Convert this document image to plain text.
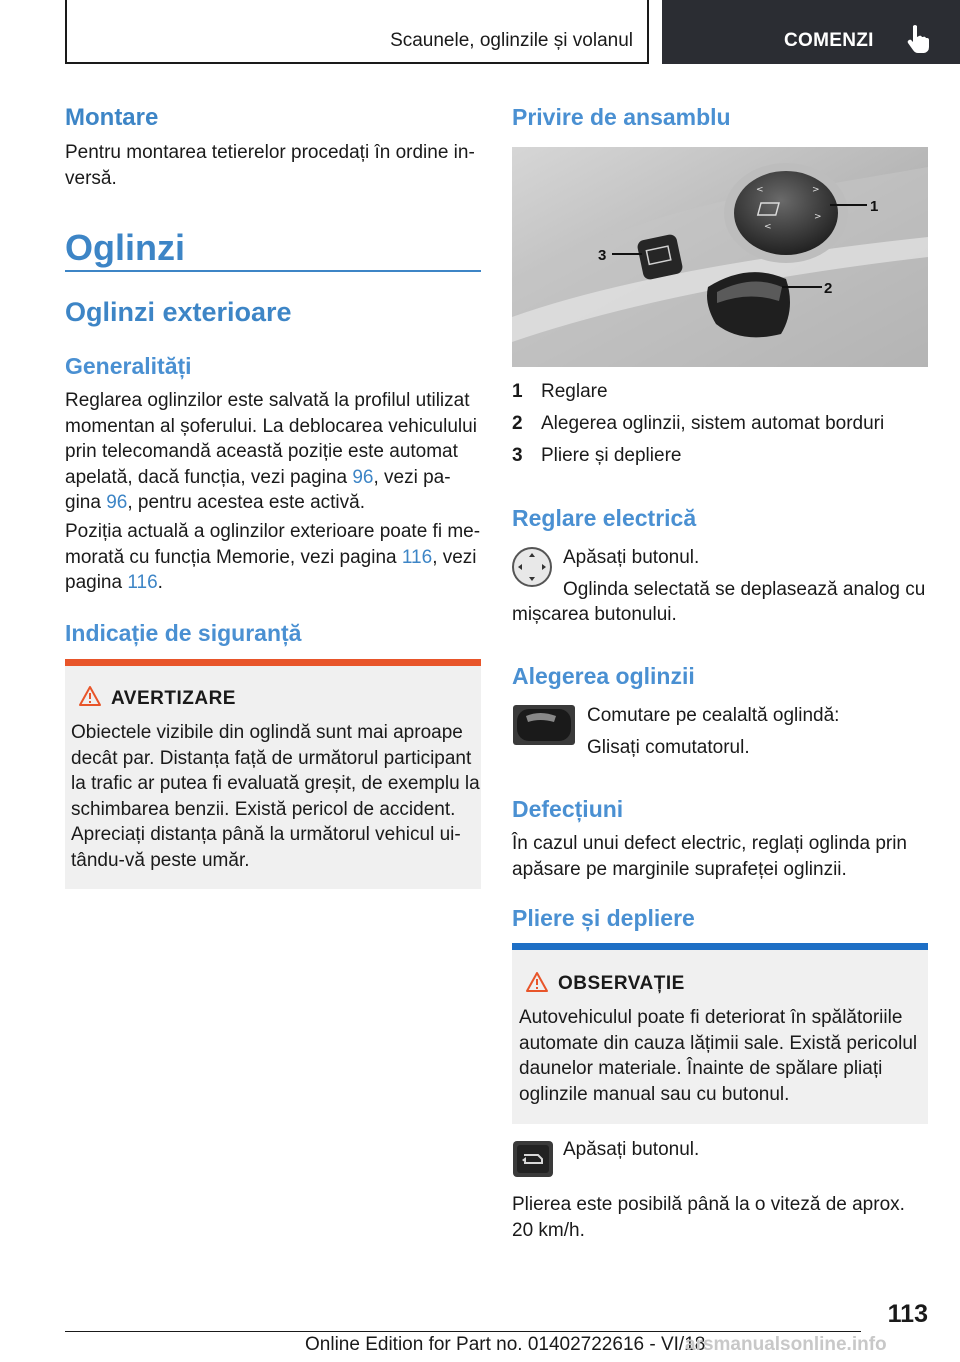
Scaunele, oglinzile și volanul	COMENZI
Montare
Pentru montarea tetierelor procedați în ordine in-
versă.
Oglinzi
Oglinzi exterioare
Generalități
Reglarea oglinzilor este salvată la profilul utilizat
momentan al șoferului. La deblocarea vehiculului
prin telecomandă această poziție este automat
apelată, dacă funcția, vezi pagina 96, vezi pa-
gina 96, pentru acestea este activă.
Poziția actuală a oglinzilor exterioare poate fi me-
morată cu funcția Memorie, vezi pagina 116, vezi
pagina 116.
Indicație de siguranță
AVERTIZARE
Obiectele vizibile din oglindă sunt mai aproape
decât par. Distanța față de următorul participant
la trafic ar putea fi evaluată greșit, de exemplu la
schimbarea benzii. Există pericol de accident.
Apreciați distanța până la următorul vehicul ui-
tându-vă peste umăr.
Privire de ansamblu
<	>
<
>
1
2
3
1 Reglare
2 Alegerea oglinzii, sistem automat borduri
3 Pliere și depliere
Reglare electrică
Apăsați butonul.
Oglinda selectată se deplasează analog cu
mișcarea butonului.
Alegerea oglinzii
Comutare pe cealaltă oglindă:
Glisați comutatorul.
Defecțiuni
În cazul unui defect electric, reglați oglinda prin
apăsare pe marginile suprafeței oglinzii.
Pliere și depliere
OBSERVAȚIE
Autovehiculul poate fi deteriorat în spălătoriile
automate din cauza lățimii sale. Există pericolul
daunelor materiale. Înainte de spălare pliați
oglinzile manual sau cu butonul.
Apăsați butonul.
Plierea este posibilă până la o viteză de aprox.
20 km/h.
113
Online Edition for Part no. 01402722616 - VI/18
arsmanualsonline.info
